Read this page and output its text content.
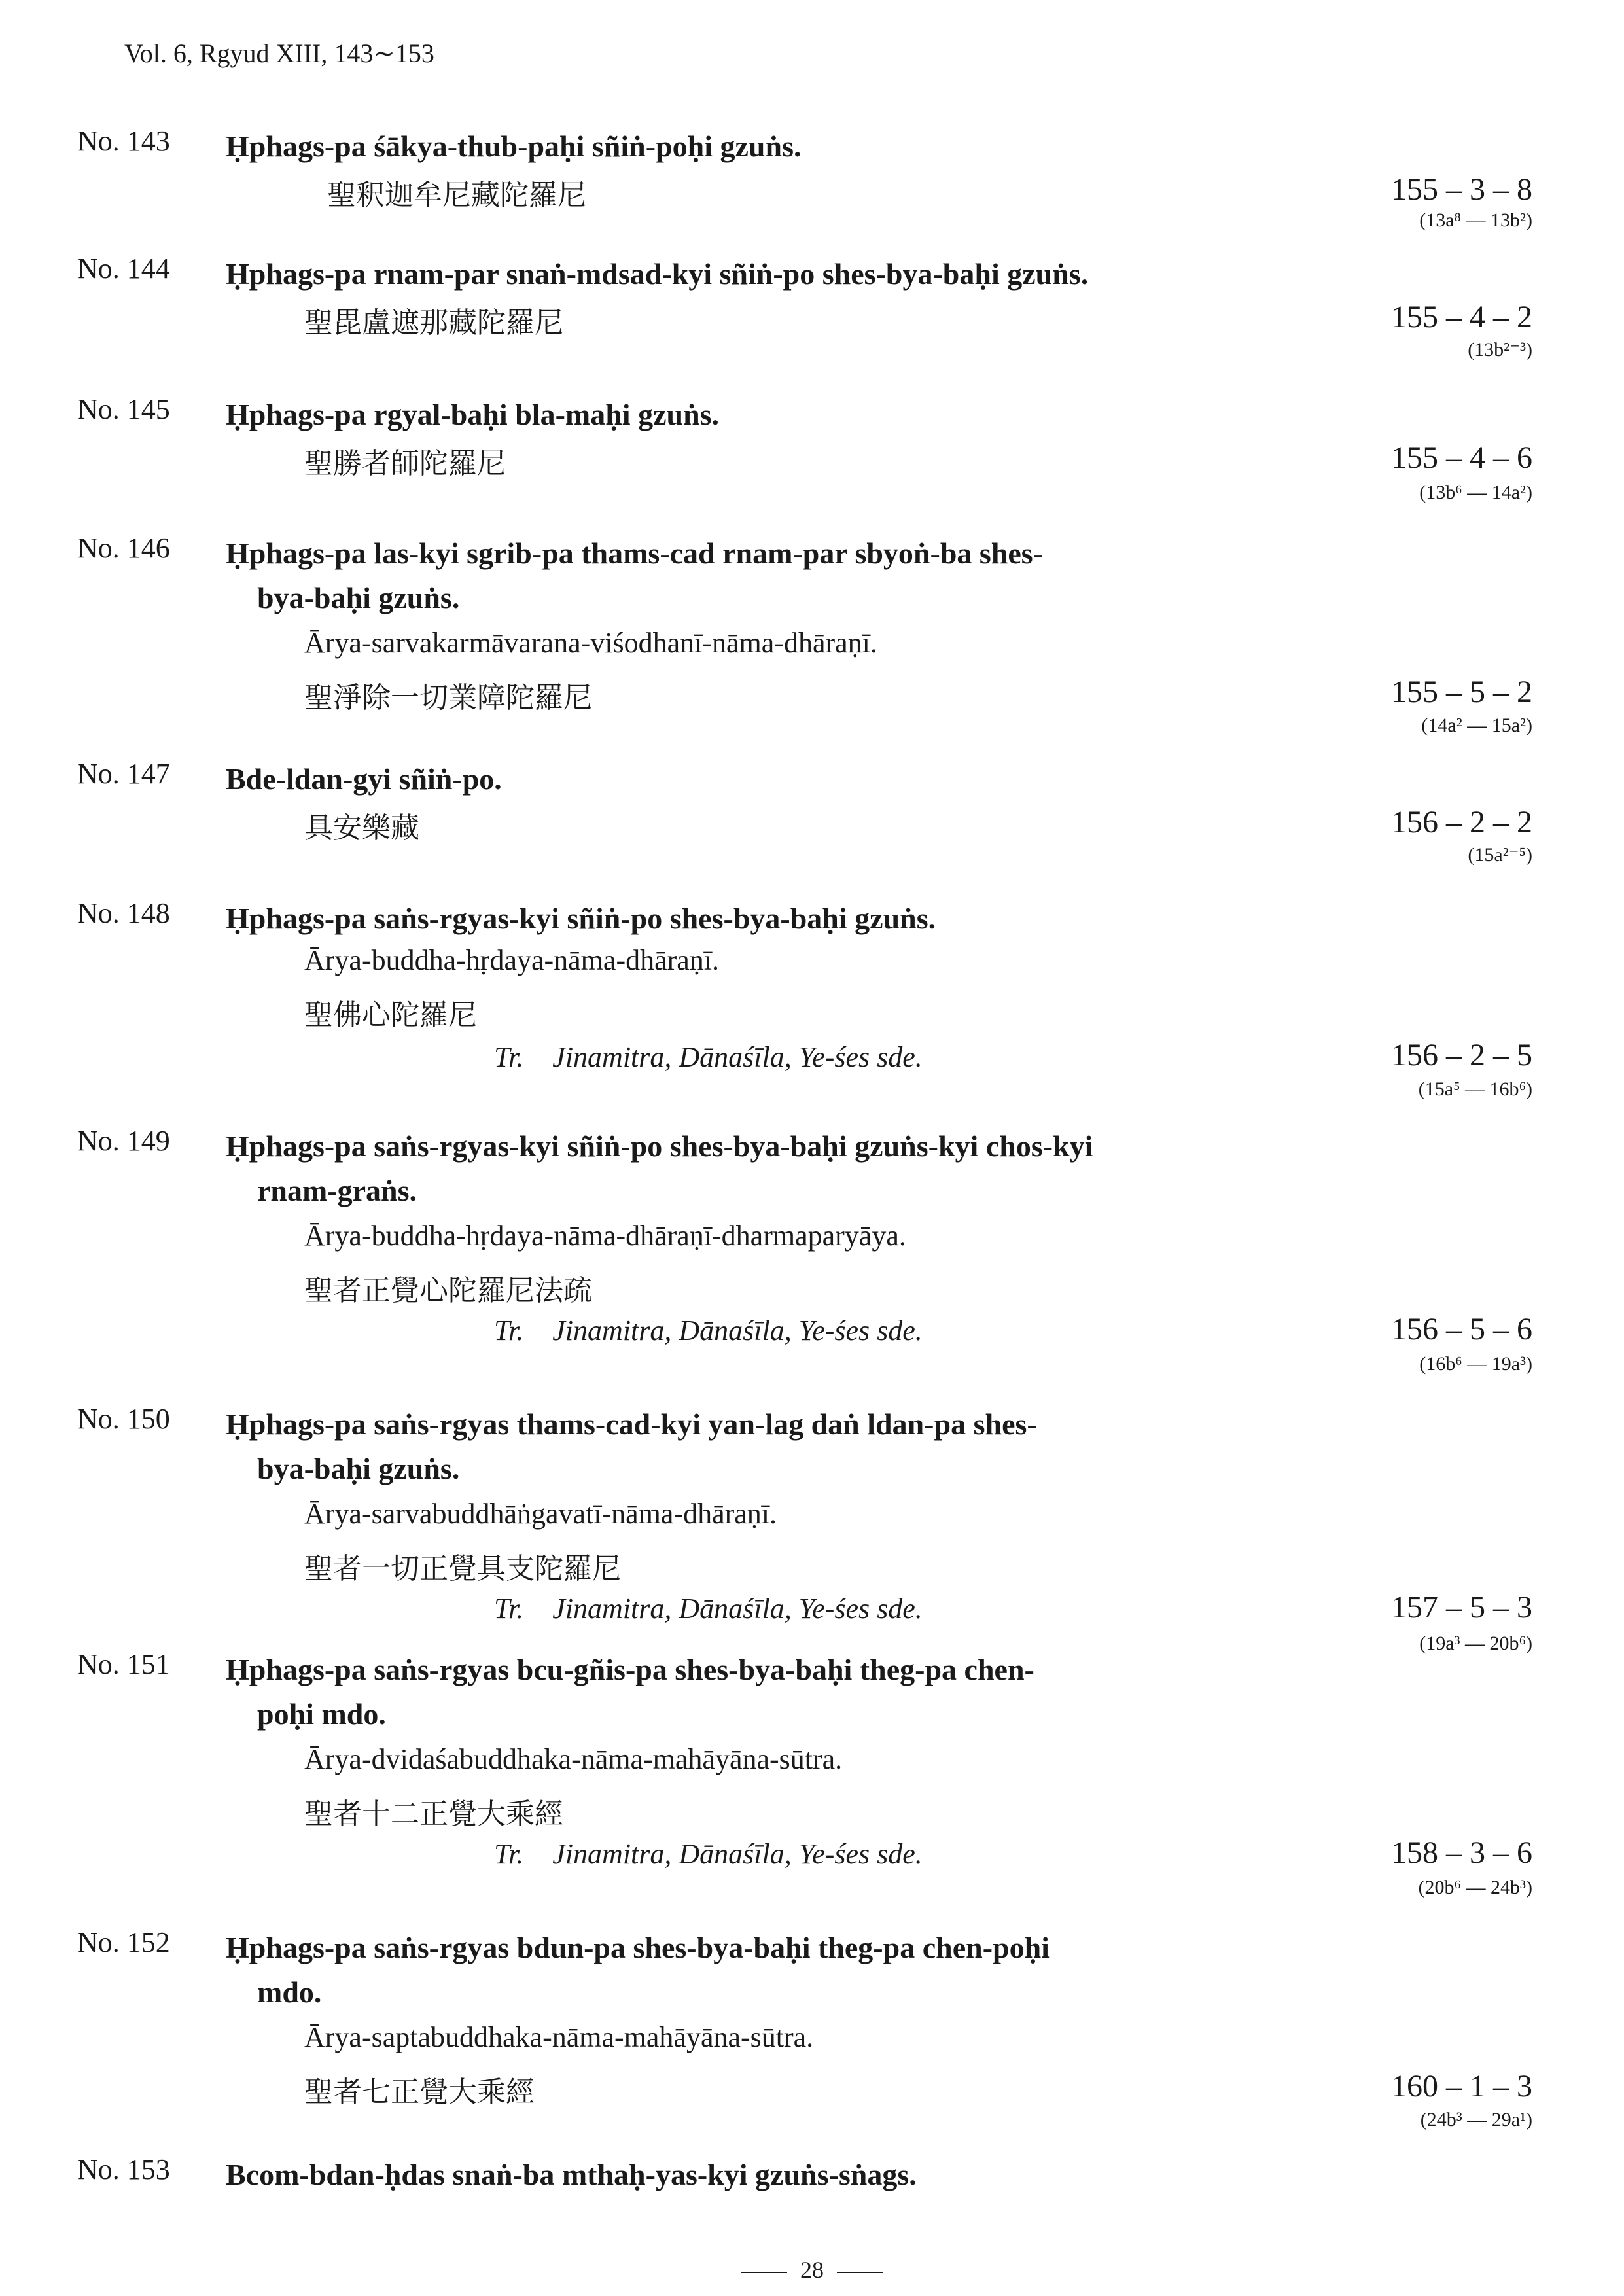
Vol. 6, Rgyud XIII, 143∼153
No. 143 Ḥphags-pa śākya-thub-paḥi sñiṅ-poḥi gzuṅs.
聖釈迦牟尼藏陀羅尼	155 – 3 – 8
(13a⁸ — 13b²)
No. 144 Ḥphags-pa rnam-par snaṅ-mdsad-kyi sñiṅ-po shes-bya-baḥi gzuṅs.
聖毘盧遮那藏陀羅尼	155 – 4 – 2
(13b²⁻³)
No. 145 Ḥphags-pa rgyal-baḥi bla-maḥi gzuṅs.
聖勝者師陀羅尼	155 – 4 – 6
(13b⁶ — 14a²)
No. 146 Ḥphags-pa las-kyi sgrib-pa thams-cad rnam-par sbyoṅ-ba shes-
bya-baḥi gzuṅs.
Ārya-sarvakarmāvarana-viśodhanī-nāma-dhāraṇī.
聖淨除一切業障陀羅尼	155 – 5 – 2
(14a² — 15a²)
No. 147 Bde-ldan-gyi sñiṅ-po.
具安樂藏	156 – 2 – 2
(15a²⁻⁵)
No. 148 Ḥphags-pa saṅs-rgyas-kyi sñiṅ-po shes-bya-baḥi gzuṅs.
Ārya-buddha-hṛdaya-nāma-dhāraṇī.
聖佛心陀羅尼
Tr. Jinamitra, Dānaśīla, Ye-śes sde.	156 – 2 – 5
(15a⁵ — 16b⁶)
No. 149 Ḥphags-pa saṅs-rgyas-kyi sñiṅ-po shes-bya-baḥi gzuṅs-kyi chos-kyi
rnam-graṅs.
Ārya-buddha-hṛdaya-nāma-dhāraṇī-dharmaparyāya.
聖者正覺心陀羅尼法疏
Tr. Jinamitra, Dānaśīla, Ye-śes sde.	156 – 5 – 6
(16b⁶ — 19a³)
No. 150 Ḥphags-pa saṅs-rgyas thams-cad-kyi yan-lag daṅ ldan-pa shes-
bya-baḥi gzuṅs.
Ārya-sarvabuddhāṅgavatī-nāma-dhāraṇī.
聖者一切正覺具支陀羅尼
Tr. Jinamitra, Dānaśīla, Ye-śes sde.	157 – 5 – 3
(19a³ — 20b⁶)
No. 151 Ḥphags-pa saṅs-rgyas bcu-gñis-pa shes-bya-baḥi theg-pa chen-
poḥi mdo.
Ārya-dvidaśabuddhaka-nāma-mahāyāna-sūtra.
聖者十二正覺大乘經
Tr. Jinamitra, Dānaśīla, Ye-śes sde.	158 – 3 – 6
(20b⁶ — 24b³)
No. 152 Ḥphags-pa saṅs-rgyas bdun-pa shes-bya-baḥi theg-pa chen-poḥi
mdo.
Ārya-saptabuddhaka-nāma-mahāyāna-sūtra.
聖者七正覺大乘經	160 – 1 – 3
(24b³ — 29a¹)
No. 153 Bcom-bdan-ḥdas snaṅ-ba mthaḥ-yas-kyi gzuṅs-sṅags.
28
